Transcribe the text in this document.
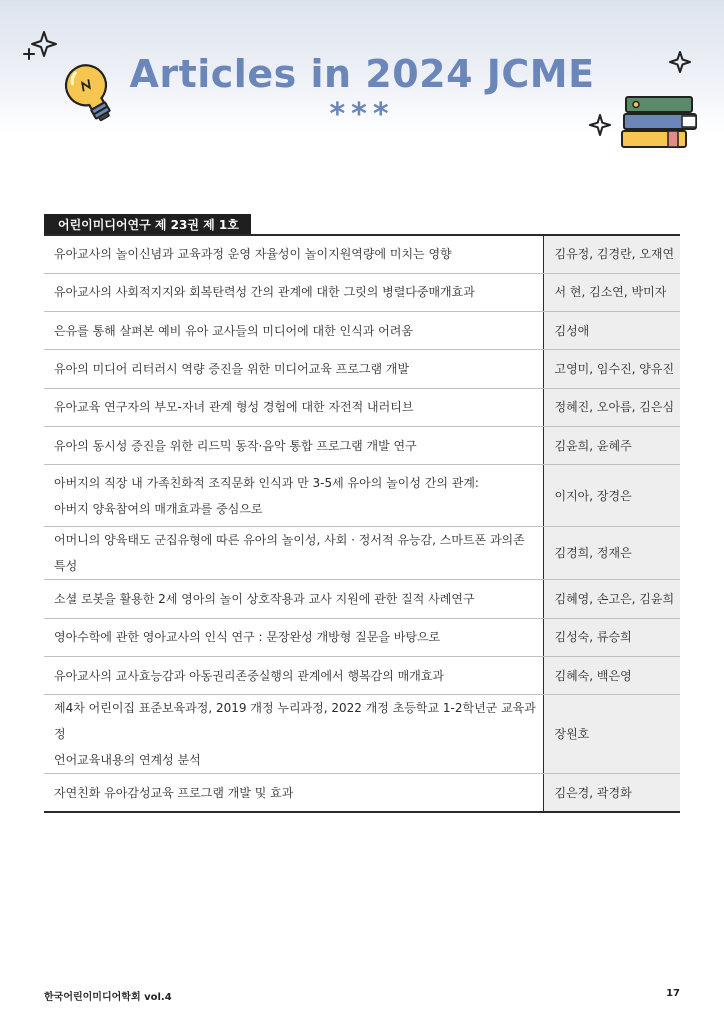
Articles in 2024 JCME
***
어린이미디어연구 제 23권 제 1호
유아교사의 놀이신념과 교육과정 운영 자율성이 놀이지원역량에 미치는 영향	김유정, 김경란, 오재연

유아교사의 사회적지지와 회복탄력성 간의 관계에 대한 그릿의 병렬다중매개효과	서 현, 김소연, 박미자

은유를 통해 살펴본 예비 유아 교사들의 미디어에 대한 인식과 어려움	김성애

유아의 미디어 리터러시 역량 증진을 위한 미디어교육 프로그램 개발	고영미, 임수진, 양유진

유아교육 연구자의 부모-자녀 관계 형성 경험에 대한 자전적 내러티브	정혜진, 오아름, 김은심

유아의 동시성 증진을 위한 리드믹 동작·음악 통합 프로그램 개발 연구	김윤희, 윤혜주

아버지의 직장 내 가족친화적 조직문화 인식과 만 3-5세 유아의 놀이성 간의 관계:
아버지 양육참여의 매개효과를 중심으로	이지아, 장경은

어머니의 양육태도 군집유형에 따른 유아의 놀이성, 사회 · 정서적 유능감, 스마트폰 과의존 특성	김경희, 정재은

소셜 로봇을 활용한 2세 영아의 놀이 상호작용과 교사 지원에 관한 질적 사례연구	김혜영, 손고은, 김윤희

영아수학에 관한 영아교사의 인식 연구 : 문장완성 개방형 질문을 바탕으로	김성숙, 류승희

유아교사의 교사효능감과 아동권리존중실행의 관계에서 행복감의 매개효과	김혜숙, 백은영

제4차 어린이집 표준보육과정, 2019 개정 누리과정, 2022 개정 초등학교 1-2학년군 교육과정
언어교육내용의 연계성 분석	장원호

자연친화 유아감성교육 프로그램 개발 및 효과	김은경, 곽경화
한국어린이미디어학회 vol.4	17
